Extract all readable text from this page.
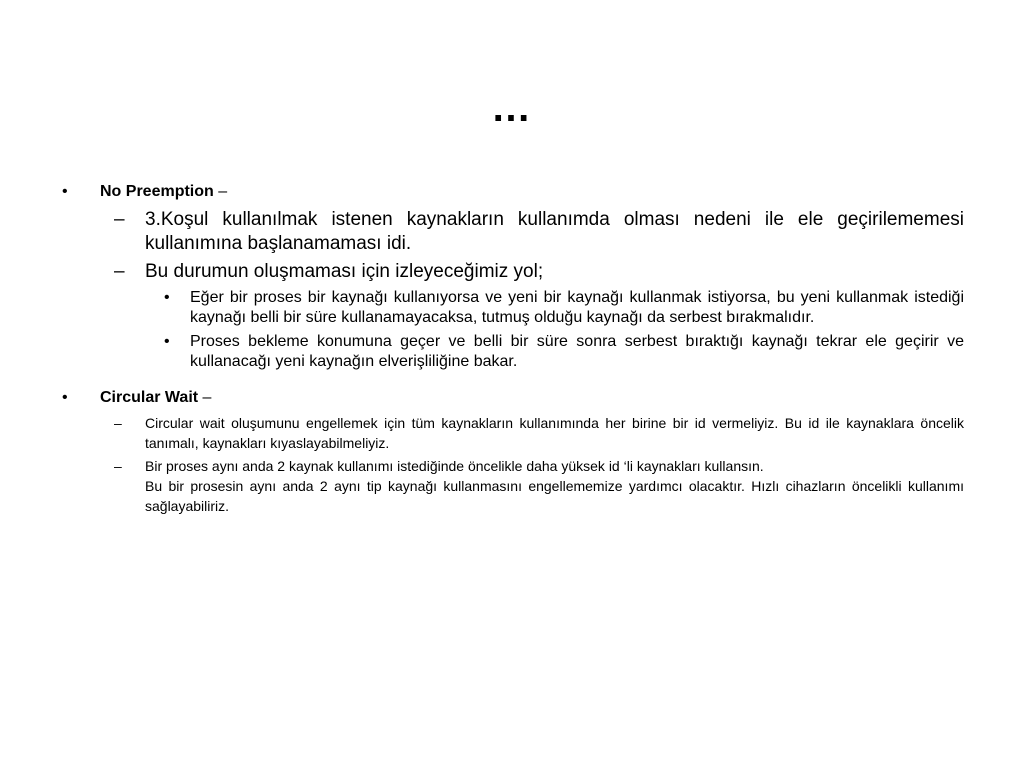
…
• No Preemption –
– 3.Koşul kullanılmak istenen kaynakların kullanımda olması nedeni ile ele geçirilememesi kullanımına başlanamaması idi.
– Bu durumun oluşmaması için izleyeceğimiz yol;
• Eğer bir proses bir kaynağı kullanıyorsa ve yeni bir kaynağı kullanmak istiyorsa, bu yeni kullanmak istediği kaynağı belli bir süre kullanamayacaksa, tutmuş olduğu kaynağı da serbest bırakmalıdır.
• Proses bekleme konumuna geçer ve belli bir süre sonra serbest bıraktığı kaynağı tekrar ele geçirir ve kullanacağı yeni kaynağın elverişliliğine bakar.
• Circular Wait –
– Circular wait oluşumunu engellemek için tüm kaynakların kullanımında her birine bir id vermeliyiz. Bu id ile kaynaklara öncelik tanımalı, kaynakları kıyaslayabilmeliyiz.
– Bir proses aynı anda 2 kaynak kullanımı istediğinde öncelikle daha yüksek id ‘li kaynakları kullansın.
Bu bir prosesin aynı anda 2 aynı tip kaynağı kullanmasını engellememize yardımcı olacaktır. Hızlı cihazların öncelikli kullanımı sağlayabiliriz.
